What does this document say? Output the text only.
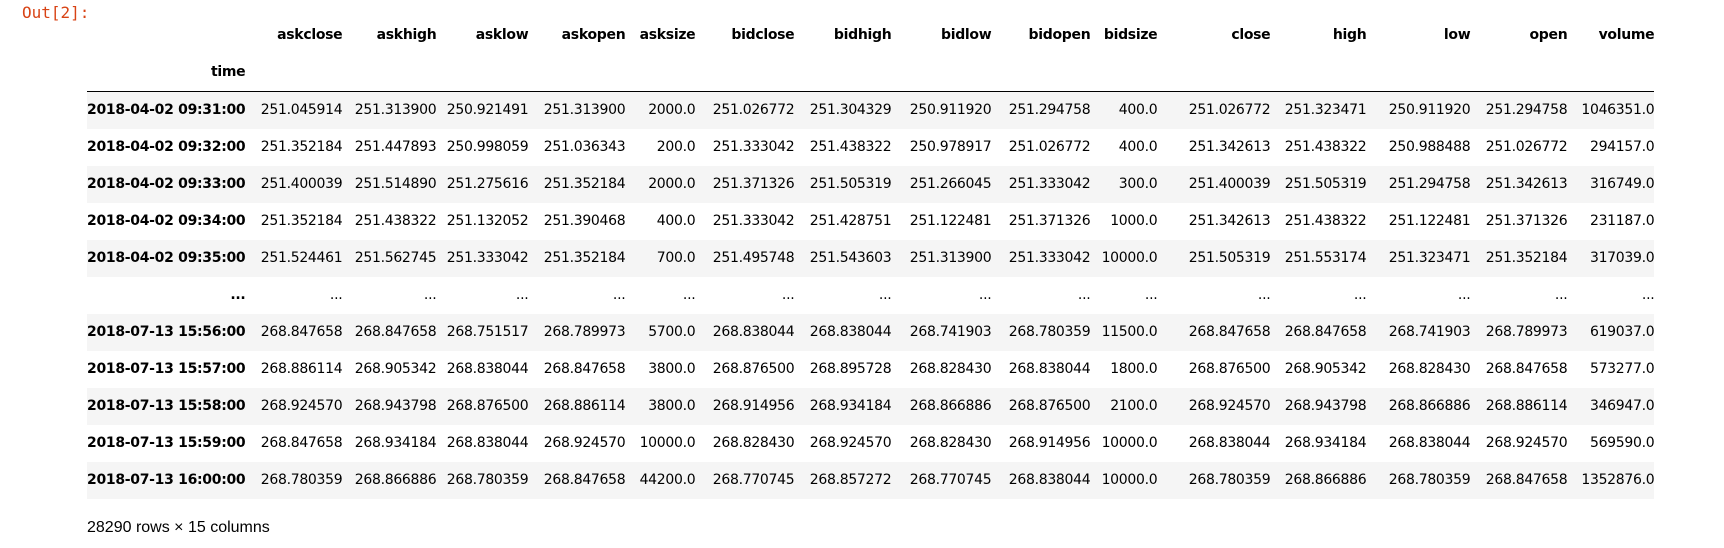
Out[2]:
	askclose	askhigh	asklow	askopen	asksize	bidclose	bidhigh	bidlow	bidopen	bidsize	close	high	low	open	volume
time															
2018-04-02 09:31:00	251.045914	251.313900	250.921491	251.313900	2000.0	251.026772	251.304329	250.911920	251.294758	400.0	251.026772	251.323471	250.911920	251.294758	1046351.0
2018-04-02 09:32:00	251.352184	251.447893	250.998059	251.036343	200.0	251.333042	251.438322	250.978917	251.026772	400.0	251.342613	251.438322	250.988488	251.026772	294157.0
2018-04-02 09:33:00	251.400039	251.514890	251.275616	251.352184	2000.0	251.371326	251.505319	251.266045	251.333042	300.0	251.400039	251.505319	251.294758	251.342613	316749.0
2018-04-02 09:34:00	251.352184	251.438322	251.132052	251.390468	400.0	251.333042	251.428751	251.122481	251.371326	1000.0	251.342613	251.438322	251.122481	251.371326	231187.0
2018-04-02 09:35:00	251.524461	251.562745	251.333042	251.352184	700.0	251.495748	251.543603	251.313900	251.333042	10000.0	251.505319	251.553174	251.323471	251.352184	317039.0
...	...	...	...	...	...	...	...	...	...	...	...	...	...	...	...
2018-07-13 15:56:00	268.847658	268.847658	268.751517	268.789973	5700.0	268.838044	268.838044	268.741903	268.780359	11500.0	268.847658	268.847658	268.741903	268.789973	619037.0
2018-07-13 15:57:00	268.886114	268.905342	268.838044	268.847658	3800.0	268.876500	268.895728	268.828430	268.838044	1800.0	268.876500	268.905342	268.828430	268.847658	573277.0
2018-07-13 15:58:00	268.924570	268.943798	268.876500	268.886114	3800.0	268.914956	268.934184	268.866886	268.876500	2100.0	268.924570	268.943798	268.866886	268.886114	346947.0
2018-07-13 15:59:00	268.847658	268.934184	268.838044	268.924570	10000.0	268.828430	268.924570	268.828430	268.914956	10000.0	268.838044	268.934184	268.838044	268.924570	569590.0
2018-07-13 16:00:00	268.780359	268.866886	268.780359	268.847658	44200.0	268.770745	268.857272	268.770745	268.838044	10000.0	268.780359	268.866886	268.780359	268.847658	1352876.0
28290 rows × 15 columns
